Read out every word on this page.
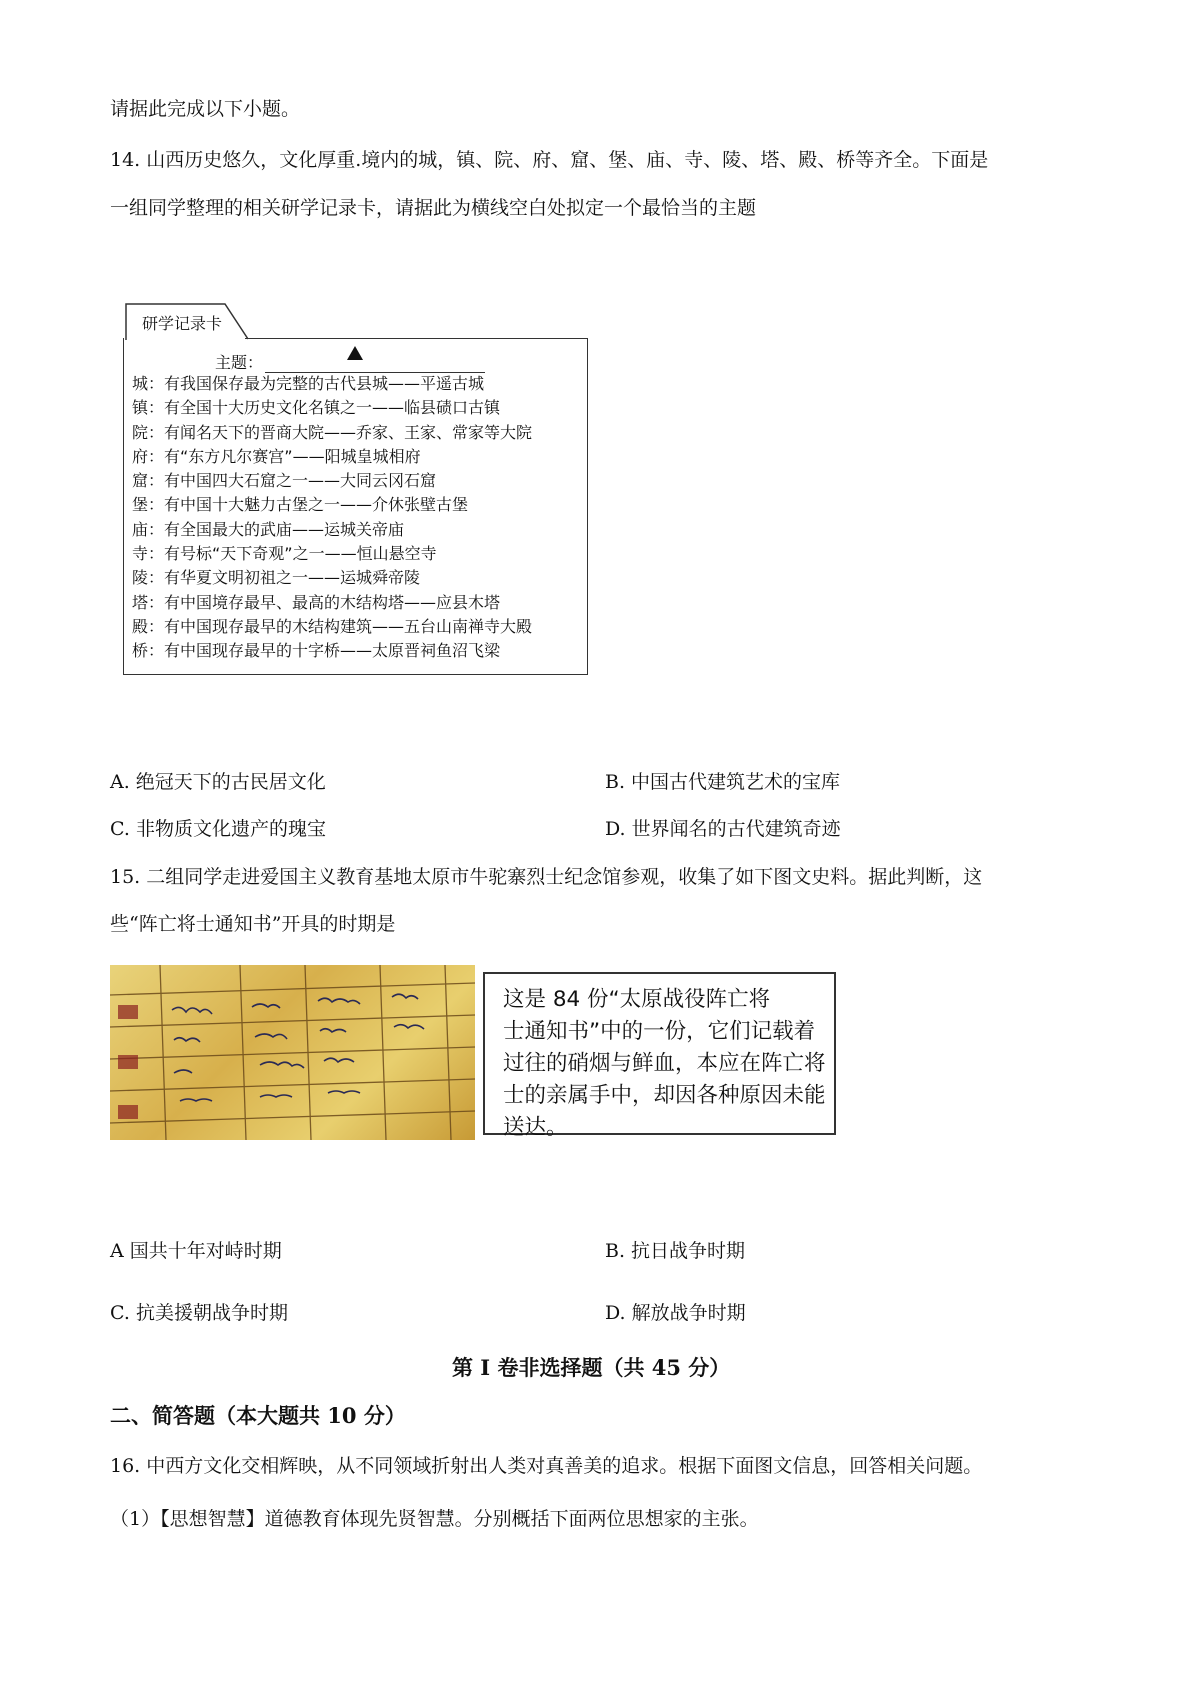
请据此完成以下小题。
14. 山西历史悠久，文化厚重.境内的城，镇、院、府、窟、堡、庙、寺、陵、塔、殿、桥等齐全。下面是
一组同学整理的相关研学记录卡，请据此为横线空白处拟定一个最恰当的主题
研学记录卡
主题：
城：有我国保存最为完整的古代县城——平遥古城
镇：有全国十大历史文化名镇之一——临县碛口古镇
院：有闻名天下的晋商大院——乔家、王家、常家等大院
府：有“东方凡尔赛宫”——阳城皇城相府
窟：有中国四大石窟之一——大同云冈石窟
堡：有中国十大魅力古堡之一——介休张壁古堡
庙：有全国最大的武庙——运城关帝庙
寺：有号标“天下奇观”之一——恒山悬空寺
陵：有华夏文明初祖之一——运城舜帝陵
塔：有中国境存最早、最高的木结构塔——应县木塔
殿：有中国现存最早的木结构建筑——五台山南禅寺大殿
桥：有中国现存最早的十字桥——太原晋祠鱼沼飞梁
A. 绝冠天下的古民居文化	B. 中国古代建筑艺术的宝库
C. 非物质文化遗产的瑰宝	D. 世界闻名的古代建筑奇迹
15. 二组同学走进爱国主义教育基地太原市牛驼寨烈士纪念馆参观，收集了如下图文史料。据此判断，这
些“阵亡将士通知书”开具的时期是
这是 84 份“太原战役阵亡将
士通知书”中的一份，它们记载着
过往的硝烟与鲜血，本应在阵亡将
士的亲属手中，却因各种原因未能
送达。
A 国共十年对峙时期	B. 抗日战争时期
C. 抗美援朝战争时期	D. 解放战争时期
第 I 卷非选择题（共 45 分）
二、简答题（本大题共 10 分）
16. 中西方文化交相辉映，从不同领域折射出人类对真善美的追求。根据下面图文信息，回答相关问题。
（1）【思想智慧】道德教育体现先贤智慧。分别概括下面两位思想家的主张。
